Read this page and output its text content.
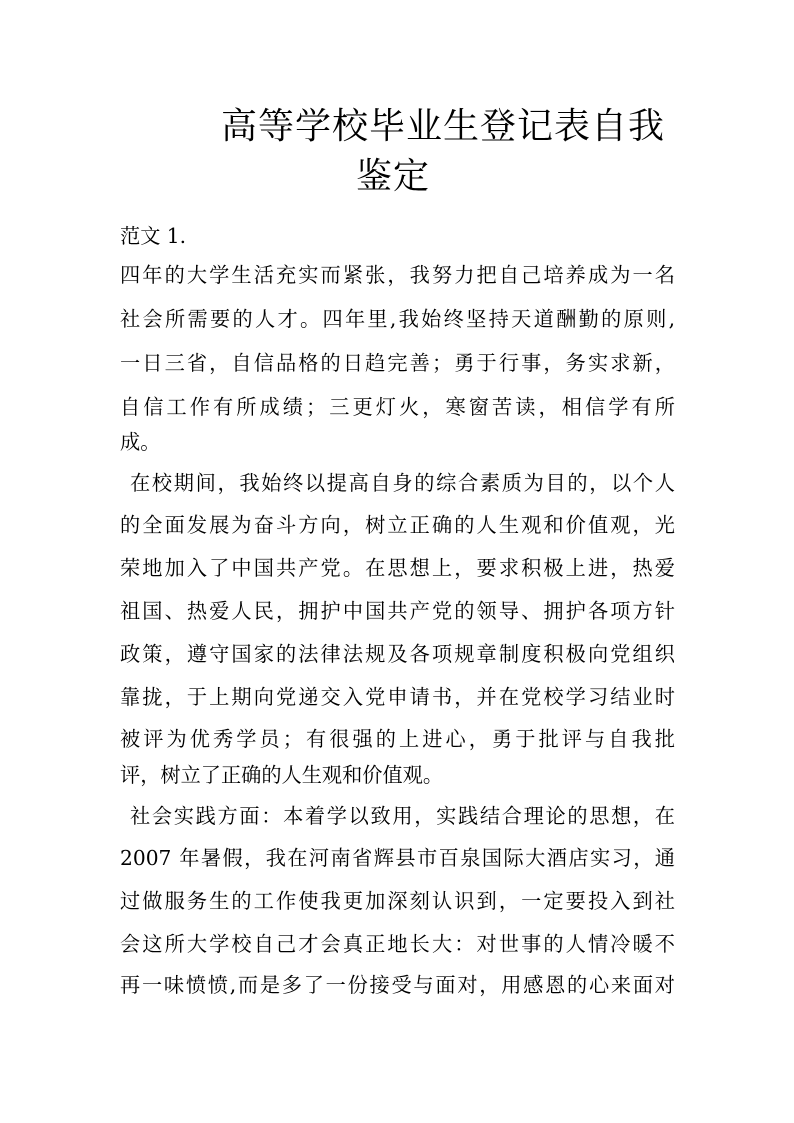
高等学校毕业生登记表自我
鉴定
范文 1.
四年的大学生活充实而紧张，我努力把自己培养成为一名
社会所需要的人才。四年里,我始终坚持天道酬勤的原则,
一日三省，自信品格的日趋完善；勇于行事，务实求新，
自信工作有所成绩；三更灯火，寒窗苦读，相信学有所
成。
在校期间，我始终以提高自身的综合素质为目的，以个人
的全面发展为奋斗方向，树立正确的人生观和价值观，光
荣地加入了中国共产党。在思想上，要求积极上进，热爱
祖国、热爱人民，拥护中国共产党的领导、拥护各项方针
政策，遵守国家的法律法规及各项规章制度积极向党组织
靠拢，于上期向党递交入党申请书，并在党校学习结业时
被评为优秀学员；有很强的上进心，勇于批评与自我批
评，树立了正确的人生观和价值观。
社会实践方面：本着学以致用，实践结合理论的思想，在
2007 年暑假，我在河南省辉县市百泉国际大酒店实习，通
过做服务生的工作使我更加深刻认识到，一定要投入到社
会这所大学校自己才会真正地长大：对世事的人情冷暖不
再一味愤愤,而是多了一份接受与面对，用感恩的心来面对
